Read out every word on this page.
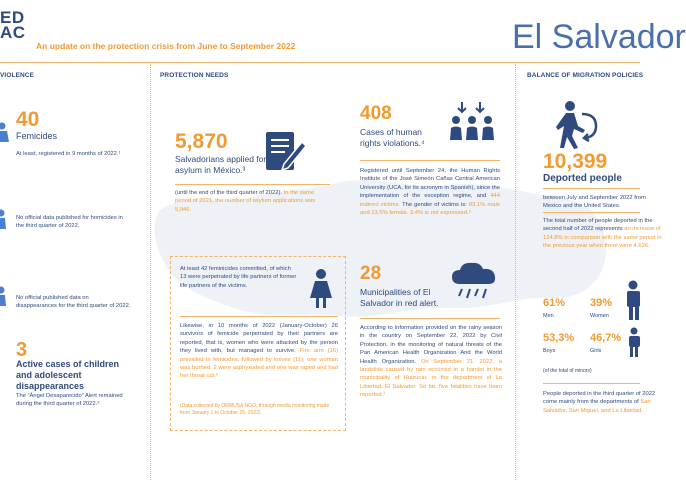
ED
AC
An update on the protection crisis from June to September 2022	El Salvador
VIOLENCE
40
Femicides
At least, registered in 9 months of 2022.¹
No official data published for homicides in the third quarter of 2022.
No official published data on disappearances for the third quarter of 2022.
3
Active cases of children and adolescent disappearances
The “Ángel Desaparecido” Alert remained during the third quarter of 2022.²
PROTECTION NEEDS
5,870
Salvadorians applied for asylum in México.³
(until the end of the third quarter of 2022). In the same period of 2021, the number of asylum applications was 5,946.
408
Cases of human rights violations.⁴
Registered until September 24, the Human Rights Institute of the José Simeón Cañas Central American University (UCA, for its acronym in Spanish), since the implementation of the exception regime, and 444 indirect victims. The gender of victims is: 83.1% male and 13.5% female. 3.4% is not expressed.⁵
At least 42 feminicides committed, of which 13 were perpetrated by life partners of former life partners of the victims.
Likewise, in 10 months of 2022 (January-October) 26 survivors of femicide perpetrated by their partners are reported, that is, women who were attacked by the person they lived with, but managed to survive. Fire arm (16) prevailed in femicides, followed by knives (11); one woman was burned, 2 were asphyxiated and one was raped and had her throat cut.⁶
(Data collected by ORMUSA NGO, through media monitoring made from January 1 to October 25, 2022)
28
Municipalities of El Salvador in red alert.
According to information provided on the rainy season in the country on September 22, 2022 by Civil Protection, in the monitoring of natural threats of the Pan American Health Organization And the World Health Organization. On September 21, 2022, a landslide caused by rain occurred in a hamlet in the municipality of Huizucar, in the department of La Libertad, El Salvador. So far, five fatalities have been reported.⁷
BALANCE OF MIGRATION POLICIES
10,399
Deported people
between July and September 2022 from Mexico and the United States.
The total number of people deported in the second half of 2022 represents an increase of 124.8% in comparison with the same period in the previous year when there were 4,626.
61%
Men
39%
Women
53,3%
Boys
46,7%
Girls
(of the total of minors)
People deported in the third quarter of 2022 come mainly from the departments of San Salvador, San Miguel, and La Libertad.
